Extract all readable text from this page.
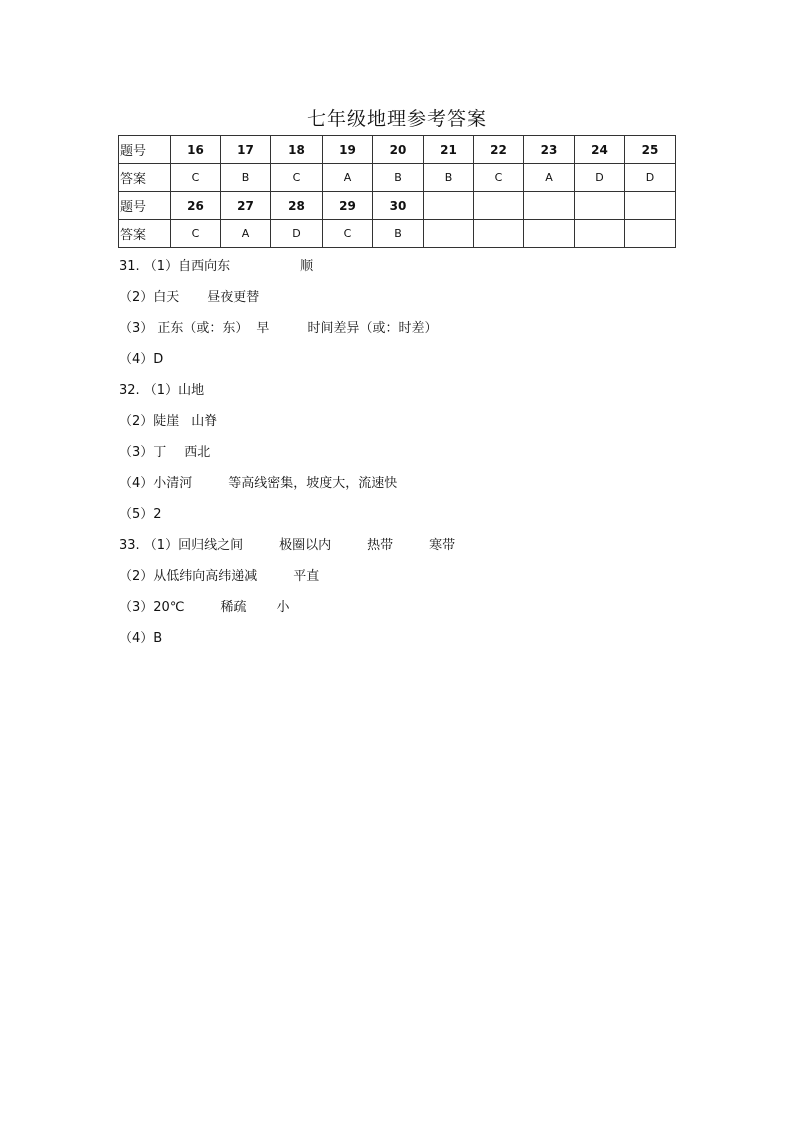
七年级地理参考答案
题号	16	17	18	19	20	21	22	23	24	25
答案	C	B	C	A	B	B	C	A	D	D
题号	26	27	28	29	30					
答案	C	A	D	C	B					
31. （1）自西向东	顺
（2）白天 昼夜更替
（3） 正东（或：东） 早	时间差异（或：时差）
（4）D
32. （1）山地
（2）陡崖 山脊
（3）丁 西北
（4）小清河	等高线密集，坡度大，流速快
（5）2
33. （1）回归线之间	极圈以内	热带	寒带
（2）从低纬向高纬递减	平直
（3）20℃	稀疏 小
（4）B
